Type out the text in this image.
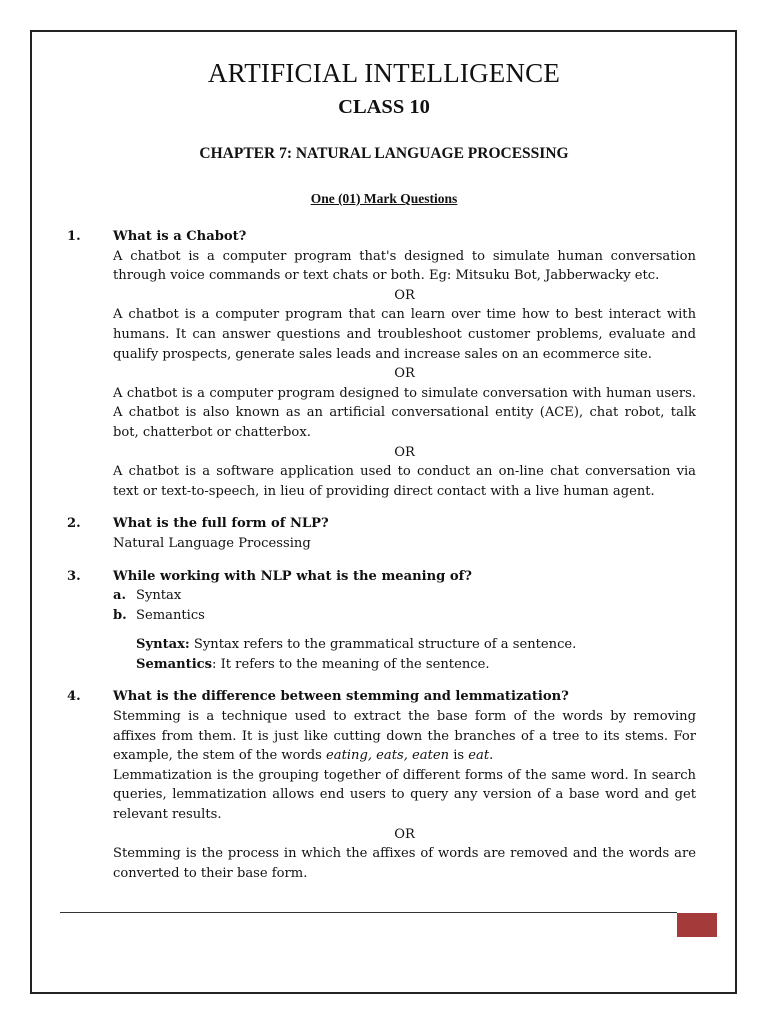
ARTIFICIAL INTELLIGENCE
CLASS 10
CHAPTER 7: NATURAL LANGUAGE PROCESSING
One (01) Mark Questions
1.	What is a Chabot?

A chatbot is a computer program that's designed to simulate human conversation through voice commands or text chats or both. Eg: Mitsuku Bot, Jabberwacky etc.

OR

A chatbot is a computer program that can learn over time how to best interact with humans. It can answer questions and troubleshoot customer problems, evaluate and qualify prospects, generate sales leads and increase sales on an ecommerce site.

OR

A chatbot is a computer program designed to simulate conversation with human users. A chatbot is also known as an artificial conversational entity (ACE), chat robot, talk bot, chatterbot or chatterbox.

OR

A chatbot is a software application used to conduct an on-line chat conversation via text or text-to-speech, in lieu of providing direct contact with a live human agent.

2.	What is the full form of NLP?

Natural Language Processing

3.	While working with NLP what is the meaning of?
a. Syntax
b. Semantics

Syntax: Syntax refers to the grammatical structure of a sentence.

Semantics: It refers to the meaning of the sentence.

4.	What is the difference between stemming and lemmatization?

Stemming is a technique used to extract the base form of the words by removing affixes from them. It is just like cutting down the branches of a tree to its stems. For example, the stem of the words eating, eats, eaten is eat.

Lemmatization is the grouping together of different forms of the same word. In search queries, lemmatization allows end users to query any version of a base word and get relevant results.

OR

Stemming is the process in which the affixes of words are removed and the words are converted to their base form.
